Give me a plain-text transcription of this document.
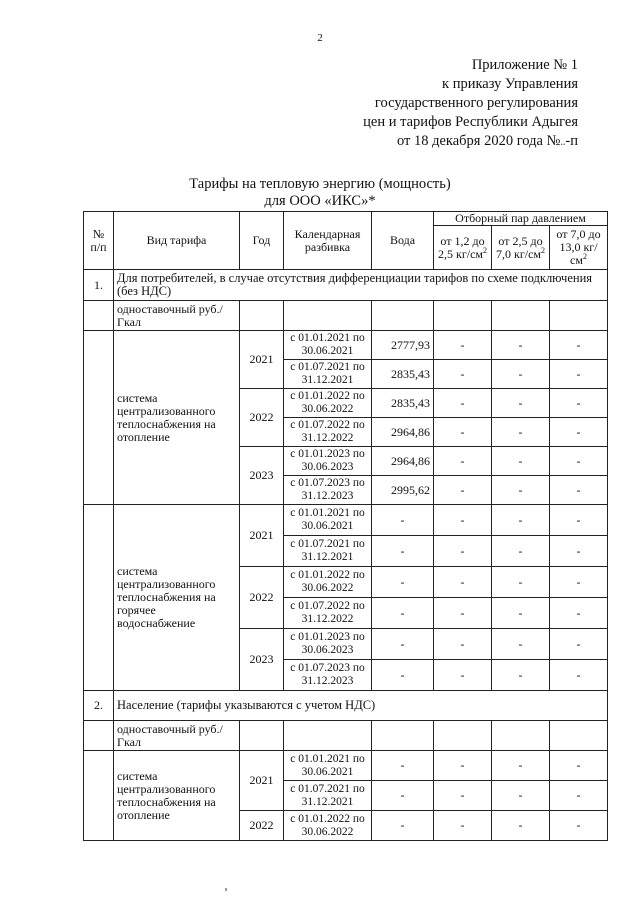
2
Приложение № 1
к приказу Управления
государственного регулирования
цен и тарифов Республики Адыгея
от 18 декабря 2020 года №..-п
Тарифы на тепловую энергию (мощность)
для ООО «ИКС»*
№ п/п	Вид тарифа	Год	Календарная разбивка	Вода	Отборный пар давлением		
					от 1,2 до 2,5 $кг/см^2$	от 2,5 до 7,0 $кг/см^2$	от 7,0 до 13,0 $кг/см^2$
1.	Для потребителей, в случае отсутствия дифференциации тарифов по схеме подключения (без НДС)						
	одноставочный руб./Гкал						
	система централизованного теплоснабжения на отопление	2021	с 01.01.2021 по 30.06.2021	2777,93	-	-	-
			с 01.07.2021 по 31.12.2021	2835,43	-	-	-
		2022	с 01.01.2022 по 30.06.2022	2835,43	-	-	-
			с 01.07.2022 по 31.12.2022	2964,86	-	-	-
		2023	с 01.01.2023 по 30.06.2023	2964,86	-	-	-
			с 01.07.2023 по 31.12.2023	2995,62	-	-	-
	система централизованного теплоснабжения на горячее водоснабжение	2021	с 01.01.2021 по 30.06.2021	-	-	-	-
			с 01.07.2021 по 31.12.2021	-	-	-	-
		2022	с 01.01.2022 по 30.06.2022	-	-	-	-
			с 01.07.2022 по 31.12.2022	-	-	-	-
		2023	с 01.01.2023 по 30.06.2023	-	-	-	-
			с 01.07.2023 по 31.12.2023	-	-	-	-
2.	Население (тарифы указываются с учетом НДС)						
	одноставочный руб./Гкал						
	система централизованного теплоснабжения на отопление	2021	с 01.01.2021 по 30.06.2021	-	-	-	-
			с 01.07.2021 по 31.12.2021	-	-	-	-
		2022	с 01.01.2022 по 30.06.2022	-	-	-	-
